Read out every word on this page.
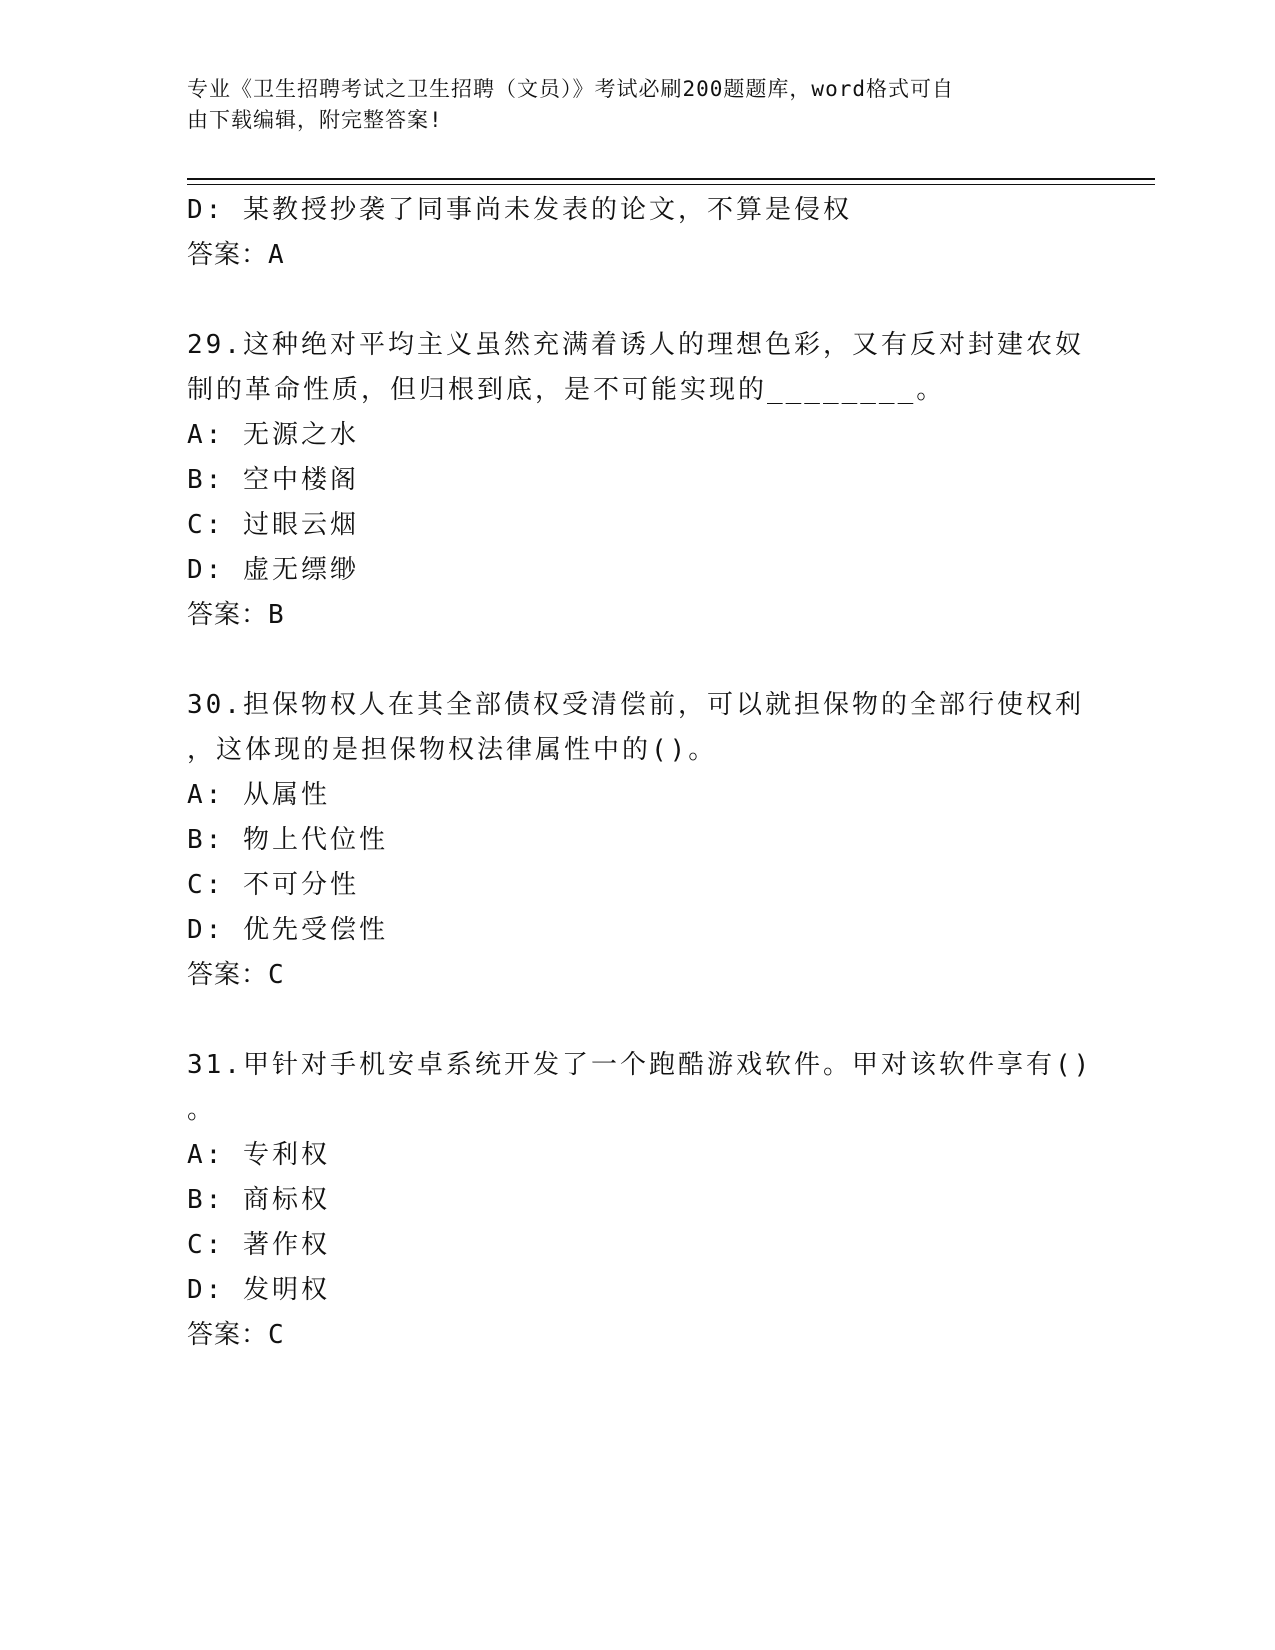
专业《卫生招聘考试之卫生招聘（文员）》考试必刷200题题库，word格式可自
由下载编辑，附完整答案!
D: 某教授抄袭了同事尚未发表的论文，不算是侵权
答案：A
29.这种绝对平均主义虽然充满着诱人的理想色彩，又有反对封建农奴
制的革命性质，但归根到底，是不可能实现的________。
A: 无源之水
B: 空中楼阁
C: 过眼云烟
D: 虚无缥缈
答案：B
30.担保物权人在其全部债权受清偿前，可以就担保物的全部行使权利
，这体现的是担保物权法律属性中的()。
A: 从属性
B: 物上代位性
C: 不可分性
D: 优先受偿性
答案：C
31.甲针对手机安卓系统开发了一个跑酷游戏软件。甲对该软件享有()
。
A: 专利权
B: 商标权
C: 著作权
D: 发明权
答案：C
